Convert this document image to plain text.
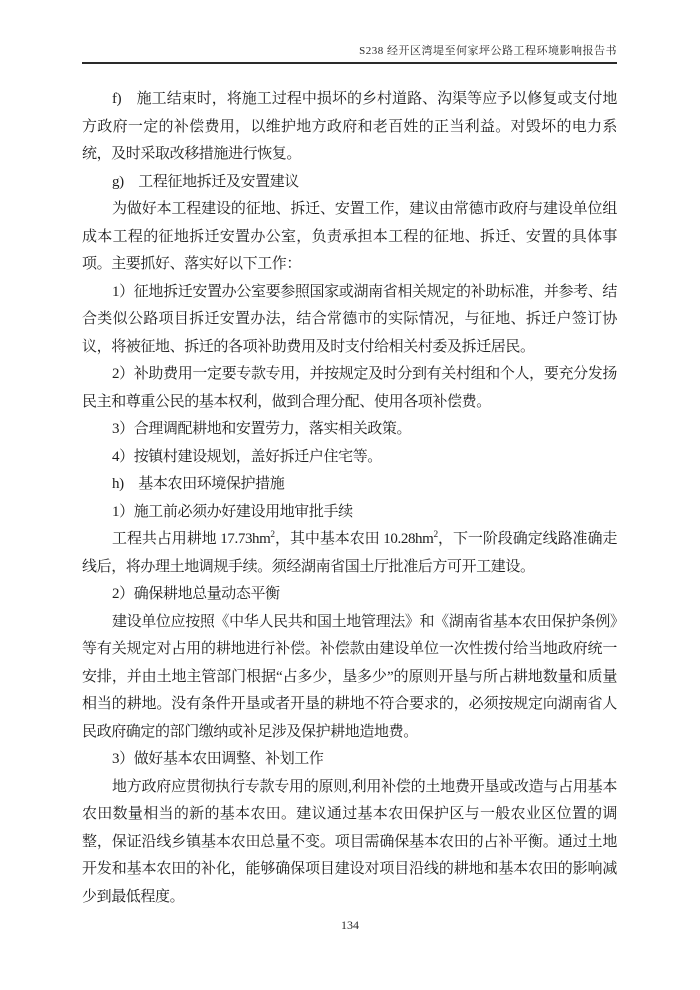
S238 经开区湾堤至何家坪公路工程环境影响报告书

f)　施工结束时，将施工过程中损坏的乡村道路、沟渠等应予以修复或支付地方政府一定的补偿费用，以维护地方政府和老百姓的正当利益。对毁坏的电力系统，及时采取改移措施进行恢复。

g)　工程征地拆迁及安置建议

为做好本工程建设的征地、拆迁、安置工作，建议由常德市政府与建设单位组成本工程的征地拆迁安置办公室，负责承担本工程的征地、拆迁、安置的具体事项。主要抓好、落实好以下工作：

1）征地拆迁安置办公室要参照国家或湖南省相关规定的补助标准，并参考、结合类似公路项目拆迁安置办法，结合常德市的实际情况，与征地、拆迁户签订协议，将被征地、拆迁的各项补助费用及时支付给相关村委及拆迁居民。

2）补助费用一定要专款专用，并按规定及时分到有关村组和个人，要充分发扬民主和尊重公民的基本权利，做到合理分配、使用各项补偿费。

3）合理调配耕地和安置劳力，落实相关政策。

4）按镇村建设规划，盖好拆迁户住宅等。

h)　基本农田环境保护措施

1）施工前必须办好建设用地审批手续

工程共占用耕地 $17.73hm^2$，其中基本农田 $10.28hm^2$，下一阶段确定线路准确走线后，将办理土地调规手续。须经湖南省国土厅批准后方可开工建设。

2）确保耕地总量动态平衡

建设单位应按照《中华人民共和国土地管理法》和《湖南省基本农田保护条例》等有关规定对占用的耕地进行补偿。补偿款由建设单位一次性拨付给当地政府统一安排，并由土地主管部门根据“占多少，垦多少”的原则开垦与所占耕地数量和质量相当的耕地。没有条件开垦或者开垦的耕地不符合要求的，必须按规定向湖南省人民政府确定的部门缴纳或补足涉及保护耕地造地费。

3）做好基本农田调整、补划工作

地方政府应贯彻执行专款专用的原则,利用补偿的土地费开垦或改造与占用基本农田数量相当的新的基本农田。建议通过基本农田保护区与一般农业区位置的调整，保证沿线乡镇基本农田总量不变。项目需确保基本农田的占补平衡。通过土地开发和基本农田的补化，能够确保项目建设对项目沿线的耕地和基本农田的影响减少到最低程度。

134
